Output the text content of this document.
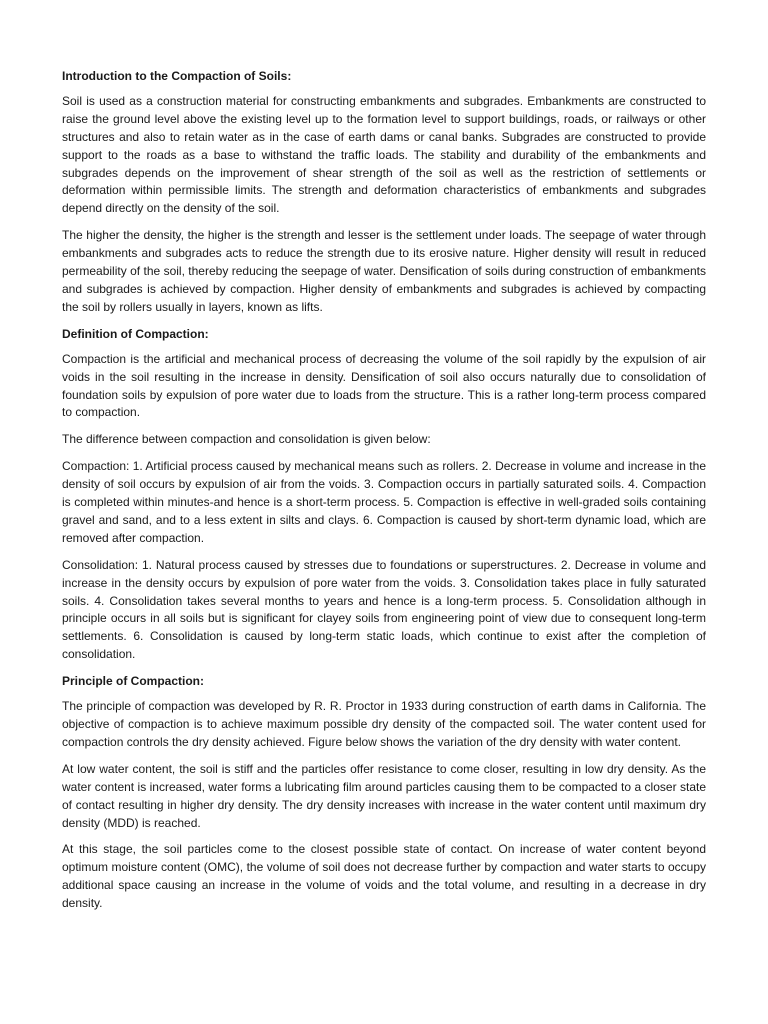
Introduction to the Compaction of Soils:

Soil is used as a construction material for constructing embankments and subgrades. Embankments are constructed to raise the ground level above the existing level up to the formation level to support buildings, roads, or railways or other structures and also to retain water as in the case of earth dams or canal banks. Subgrades are constructed to provide support to the roads as a base to withstand the traffic loads. The stability and durability of the embankments and subgrades depends on the improvement of shear strength of the soil as well as the restriction of settlements or deformation within permissible limits. The strength and deformation characteristics of embankments and subgrades depend directly on the density of the soil.

The higher the density, the higher is the strength and lesser is the settlement under loads. The seepage of water through embankments and subgrades acts to reduce the strength due to its erosive nature. Higher density will result in reduced permeability of the soil, thereby reducing the seepage of water. Densification of soils during construction of embankments and subgrades is achieved by compaction. Higher density of embankments and subgrades is achieved by compacting the soil by rollers usually in layers, known as lifts.

Definition of Compaction:

Compaction is the artificial and mechanical process of decreasing the volume of the soil rapidly by the expulsion of air voids in the soil resulting in the increase in density. Densification of soil also occurs naturally due to consolidation of foundation soils by expulsion of pore water due to loads from the structure. This is a rather long-term process compared to compaction.

The difference between compaction and consolidation is given below:

Compaction: 1. Artificial process caused by mechanical means such as rollers. 2. Decrease in volume and increase in the density of soil occurs by expulsion of air from the voids. 3. Compaction occurs in partially saturated soils. 4. Compaction is completed within minutes-and hence is a short-term process. 5. Compaction is effective in well-graded soils containing gravel and sand, and to a less extent in silts and clays. 6. Compaction is caused by short-term dynamic load, which are removed after compaction.

Consolidation: 1. Natural process caused by stresses due to foundations or superstructures. 2. Decrease in volume and increase in the density occurs by expulsion of pore water from the voids. 3. Consolidation takes place in fully saturated soils. 4. Consolidation takes several months to years and hence is a long-term process. 5. Consolidation although in principle occurs in all soils but is significant for clayey soils from engineering point of view due to consequent long-term settlements. 6. Consolidation is caused by long-term static loads, which continue to exist after the completion of consolidation.

Principle of Compaction:

The principle of compaction was developed by R. R. Proctor in 1933 during construction of earth dams in California. The objective of compaction is to achieve maximum possible dry density of the compacted soil. The water content used for compaction controls the dry density achieved. Figure below shows the variation of the dry density with water content.

At low water content, the soil is stiff and the particles offer resistance to come closer, resulting in low dry density. As the water content is increased, water forms a lubricating film around particles causing them to be compacted to a closer state of contact resulting in higher dry density. The dry density increases with increase in the water content until maximum dry density (MDD) is reached.

At this stage, the soil particles come to the closest possible state of contact. On increase of water content beyond optimum moisture content (OMC), the volume of soil does not decrease further by compaction and water starts to occupy additional space causing an increase in the volume of voids and the total volume, and resulting in a decrease in dry density.
